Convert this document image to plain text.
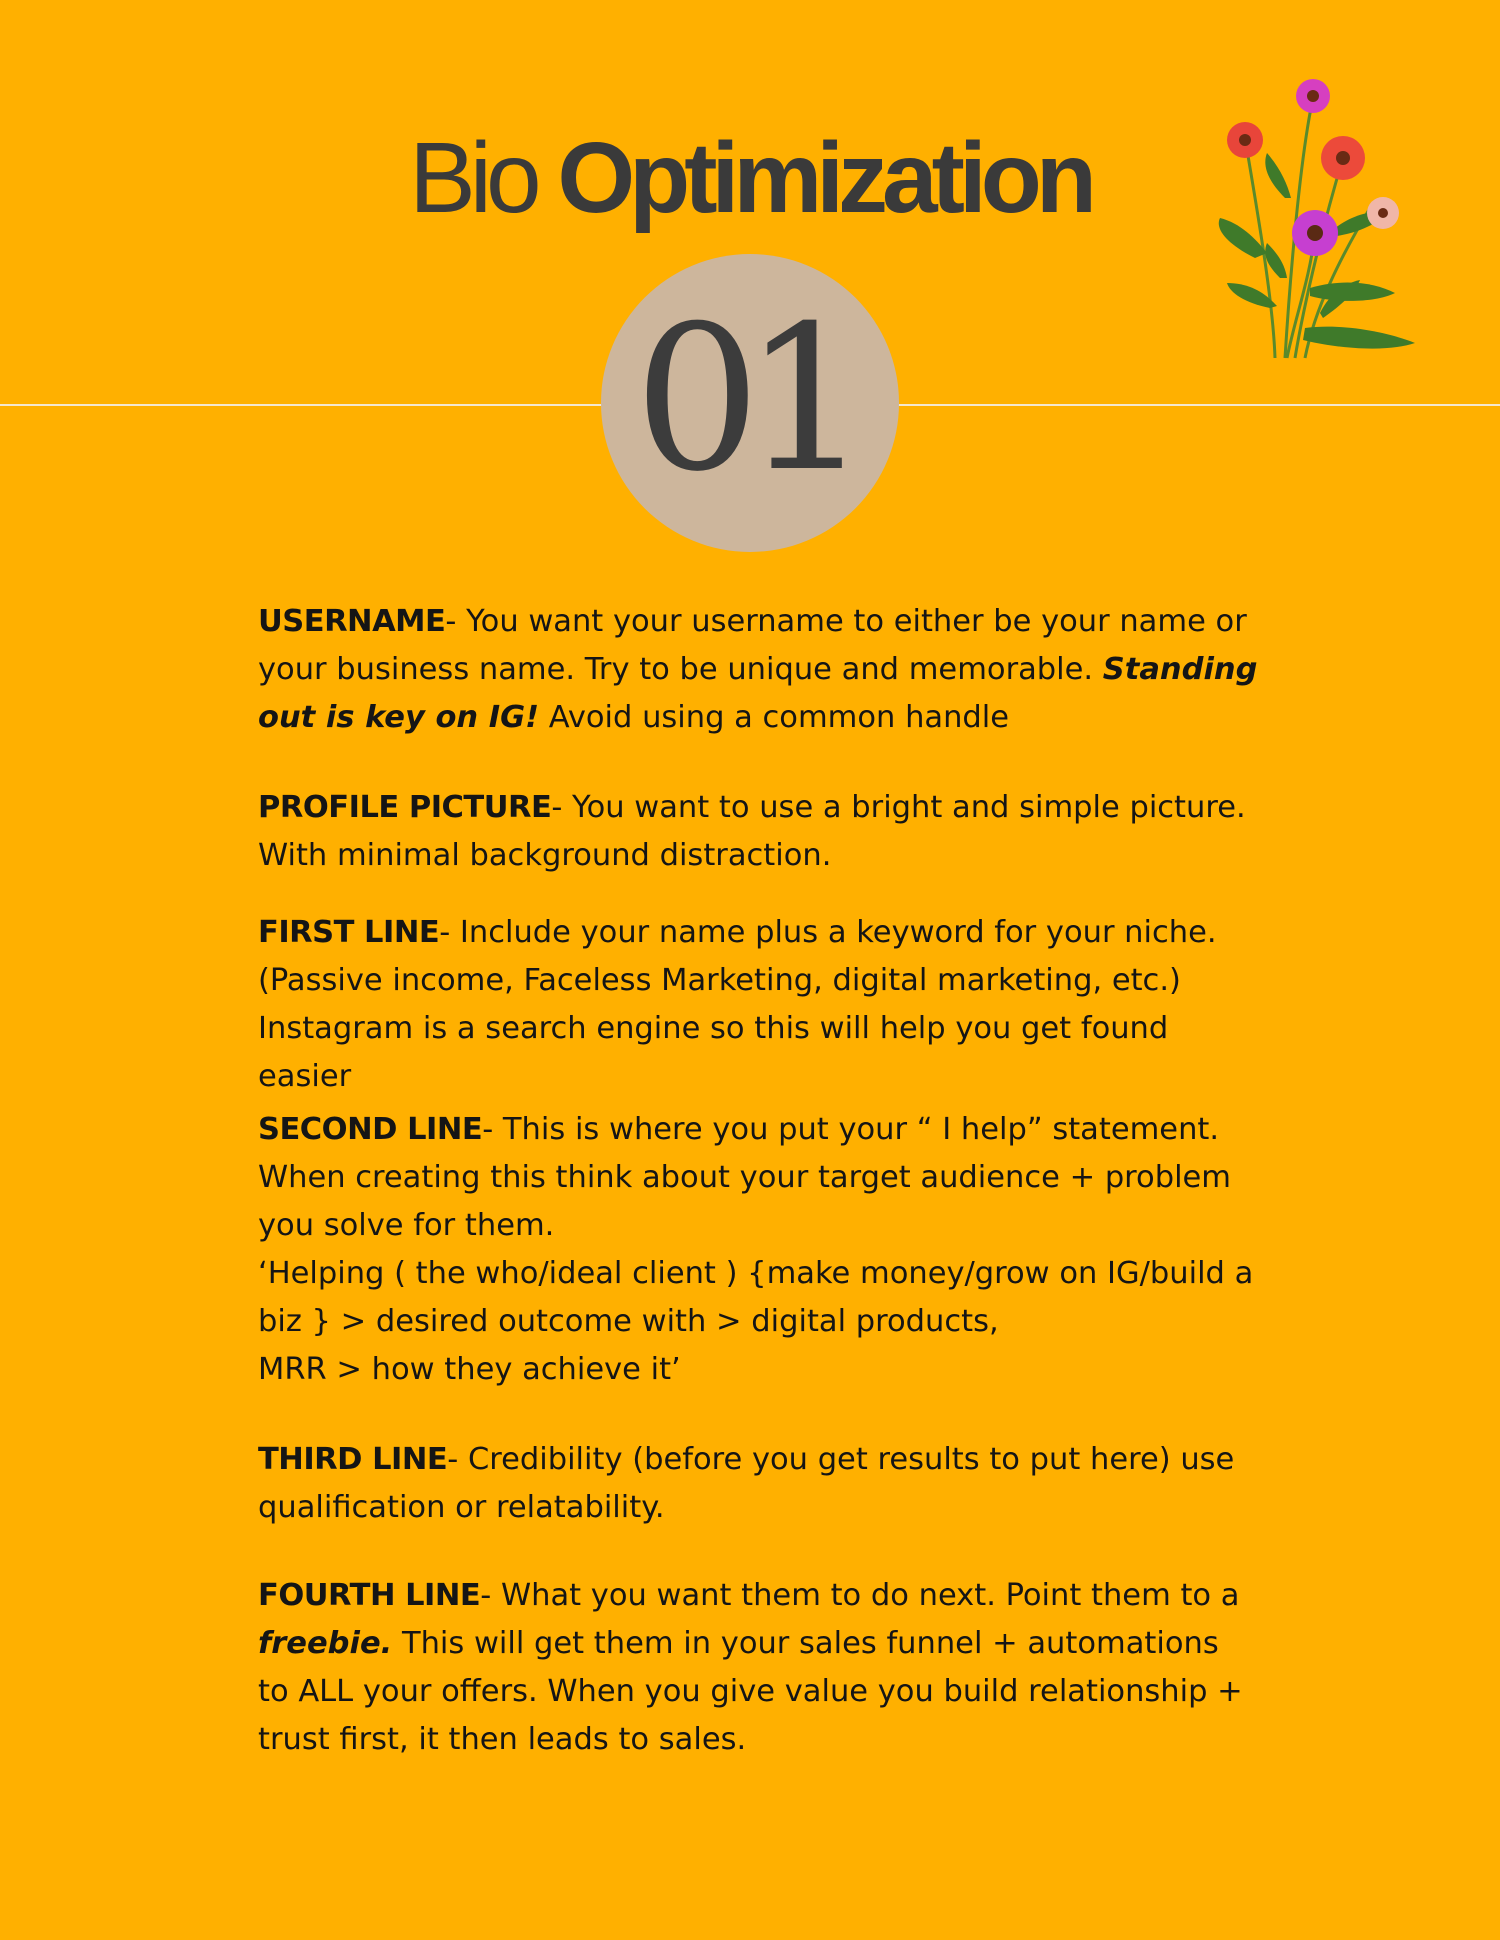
Bio Optimization
01

USERNAME- You want your username to either be your name or your business name. Try to be unique and memorable. Standing out is key on IG! Avoid using a common handle

PROFILE PICTURE- You want to use a bright and simple picture. With minimal background distraction.

FIRST LINE- Include your name plus a keyword for your niche. (Passive income, Faceless Marketing, digital marketing, etc.) Instagram is a search engine so this will help you get found easier

SECOND LINE- This is where you put your “ I help” statement. When creating this think about your target audience + problem you solve for them.
‘Helping ( the who/ideal client ) {make money/grow on IG/build a biz } > desired outcome with > digital products,
MRR > how they achieve it’

THIRD LINE- Credibility (before you get results to put here) use qualification or relatability.

FOURTH LINE- What you want them to do next. Point them to a freebie. This will get them in your sales funnel + automations to ALL your offers. When you give value you build relationship + trust first, it then leads to sales.
